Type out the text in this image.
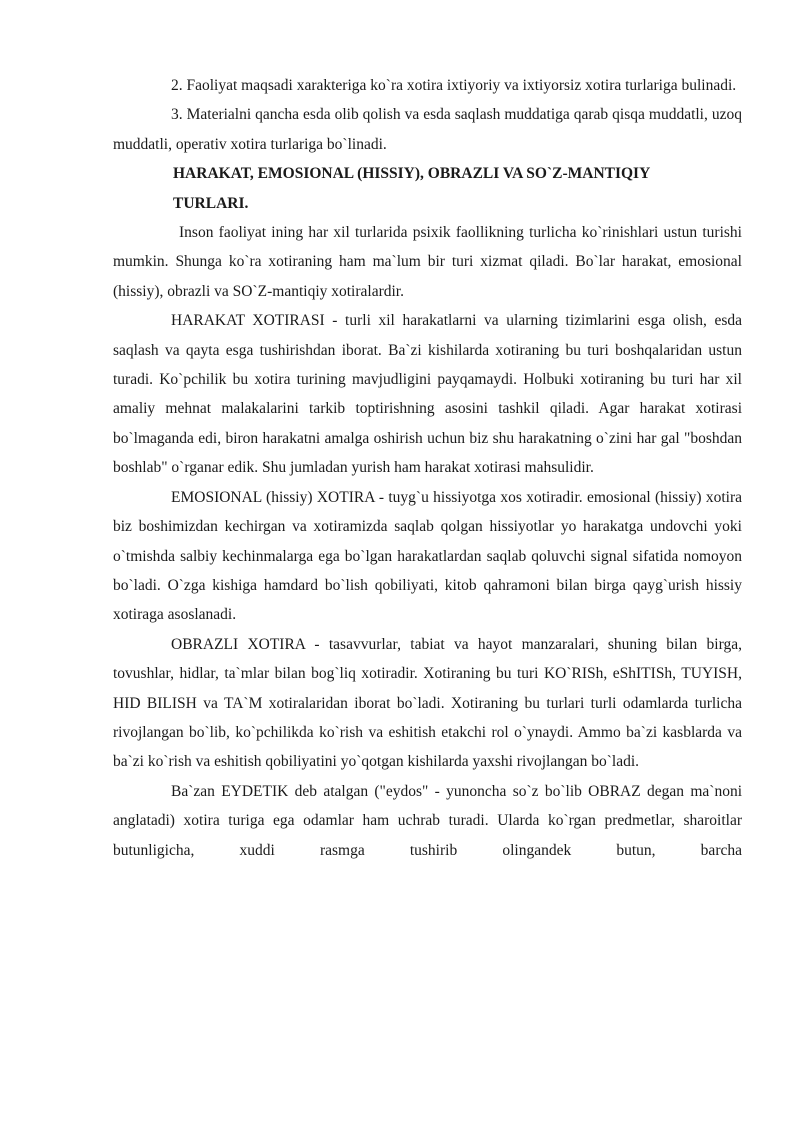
2. Faoliyat maqsadi xarakteriga ko`ra xotira ixtiyoriy va ixtiyorsiz xotira turlariga bulinadi.

3. Materialni qancha esda olib qolish va esda saqlash muddatiga qarab qisqa muddatli, uzoq muddatli, operativ xotira turlariga bo`linadi.

HARAKAT, EMOSIONAL (HISSIY), OBRAZLI VA SO`Z-MANTIQIY
TURLARI.

Inson faoliyat ining har xil turlarida psixik faollikning turlicha ko`rinishlari ustun turishi mumkin. Shunga ko`ra xotiraning ham ma`lum bir turi xizmat qiladi. Bo`lar harakat, emosional (hissiy), obrazli va SO`Z-mantiqiy xotiralardir.

HARAKAT XOTIRASI - turli xil harakatlarni va ularning tizimlarini esga olish, esda saqlash va qayta esga tushirishdan iborat. Ba`zi kishilarda xotiraning bu turi boshqalaridan ustun turadi. Ko`pchilik bu xotira turining mavjudligini payqamaydi. Holbuki xotiraning bu turi har xil amaliy mehnat malakalarini tarkib toptirishning asosini tashkil qiladi. Agar harakat xotirasi bo`lmaganda edi, biron harakatni amalga oshirish uchun biz shu harakatning o`zini har gal "boshdan boshlab" o`rganar edik. Shu jumladan yurish ham harakat xotirasi mahsulidir.

EMOSIONAL (hissiy) XOTIRA - tuyg`u hissiyotga xos xotiradir. emosional (hissiy) xotira biz boshimizdan kechirgan va xotiramizda saqlab qolgan hissiyotlar yo harakatga undovchi yoki o`tmishda salbiy kechinmalarga ega bo`lgan harakatlardan saqlab qoluvchi signal sifatida nomoyon bo`ladi. O`zga kishiga hamdard bo`lish qobiliyati, kitob qahramoni bilan birga qayg`urish hissiy xotiraga asoslanadi.

OBRAZLI XOTIRA - tasavvurlar, tabiat va hayot manzaralari, shuning bilan birga, tovushlar, hidlar, ta`mlar bilan bog`liq xotiradir. Xotiraning bu turi KO`RISh, eShITISh, TUYISH, HID BILISH va TA`M xotiralaridan iborat bo`ladi. Xotiraning bu turlari turli odamlarda turlicha rivojlangan bo`lib, ko`pchilikda ko`rish va eshitish etakchi rol o`ynaydi. Ammo ba`zi kasblarda va ba`zi ko`rish va eshitish qobiliyatini yo`qotgan kishilarda yaxshi rivojlangan bo`ladi.

Ba`zan EYDETIK deb atalgan ("eydos" - yunoncha so`z bo`lib OBRAZ degan ma`noni anglatadi) xotira turiga ega odamlar ham uchrab turadi. Ularda ko`rgan predmetlar, sharoitlar butunligicha, xuddi rasmga tushirib olingandek butun, barcha
